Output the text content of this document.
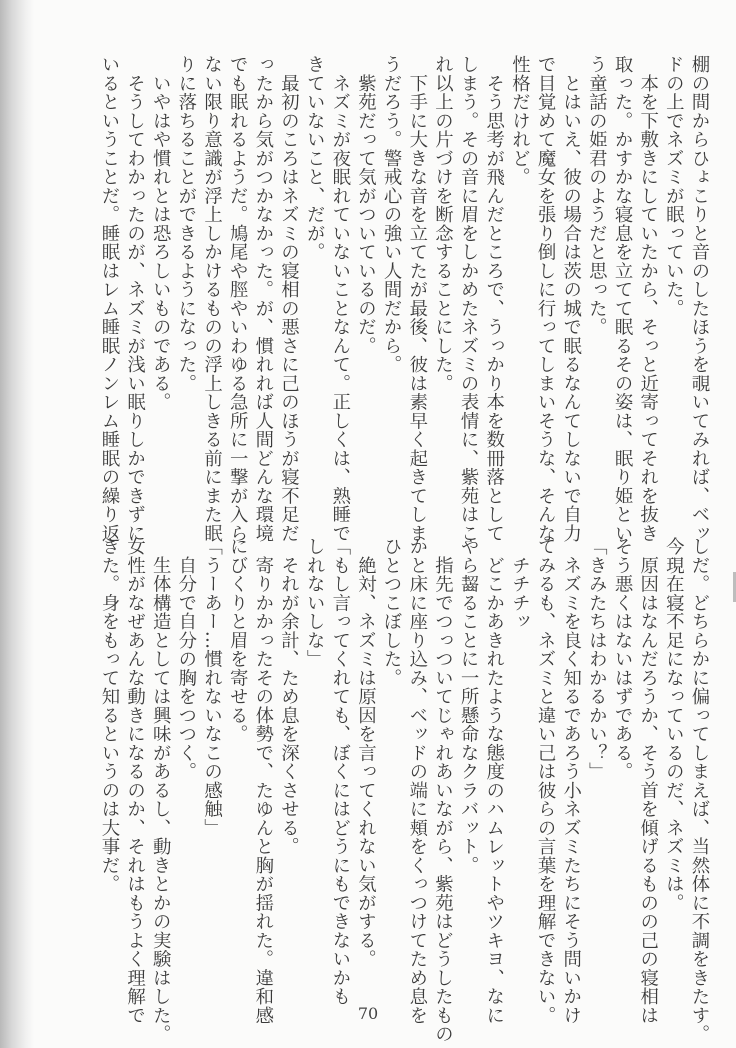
棚の間からひょこりと音のしたほうを覗いてみれば、ベッ

ドの上でネズミが眠っていた。

　本を下敷きにしていたから、そっと近寄ってそれを抜き

取った。かすかな寝息を立てて眠るその姿は、眠り姫とい

う童話の姫君のようだと思った。

　とはいえ、彼の場合は茨の城で眠るなんてしないで自力

で目覚めて魔女を張り倒しに行ってしまいそうな、そんな

性格だけれど。

　そう思考が飛んだところで、うっかり本を数冊落として

しまう。その音に眉をしかめたネズミの表情に、紫苑はこ

れ以上の片づけを断念することにした。

　下手に大きな音を立てたが最後、彼は素早く起きてしま

うだろう。警戒心の強い人間だから。

　紫苑だって気がついているのだ。

　ネズミが夜眠れていないことなんて。正しくは、熟睡で

きていないこと、だが。

　最初のころはネズミの寝相の悪さに己のほうが寝不足だ

ったから気がつかなかった。が、慣れれば人間どんな環境

でも眠れるようだ。鳩尾や脛やいわゆる急所に一撃が入ら

ない限り意識が浮上しかけるものの浮上しきる前にまた眠

りに落ちることができるようになった。

　いやはや慣れとは恐ろしいものである。

　そうしてわかったのが、ネズミが浅い眠りしかできずに

いるということだ。睡眠はレム睡眠ノンレム睡眠の繰り返

しだ。どちらかに偏ってしまえば、当然体に不調をきたす。

今現在寝不足になっているのだ、ネズミは。

　原因はなんだろうか、そう首を傾げるものの己の寝相は

そう悪くはないはずである。

「きみたちはわかるかい？」

　ネズミを良く知るであろう小ネズミたちにそう問いかけ

てみるも、ネズミと違い己は彼らの言葉を理解できない。

　チチチッ

　どこかあきれたような態度のハムレットやツキヨ、なに

やら齧ることに一所懸命なクラバット。

　指先でつっついてじゃれあいながら、紫苑はどうしたもの

かと床に座り込み、ベッドの端に頬をくっつけてため息を

ひとつこぼした。

　絶対、ネズミは原因を言ってくれない気がする。

「もし言ってくれても、ぼくにはどうにもできないかも

しれないしな」

　それが余計、ため息を深くさせる。

　寄りかかったその体勢で、たゆんと胸が揺れた。違和感

にびくりと眉を寄せる。

「うーあー…慣れないなこの感触」

　自分で自分の胸をつつく。

　生体構造としては興味があるし、動きとかの実験はした。

女性がなぜあんな動きになるのか、それはもうよく理解で

きた。身をもって知るというのは大事だ。

70
